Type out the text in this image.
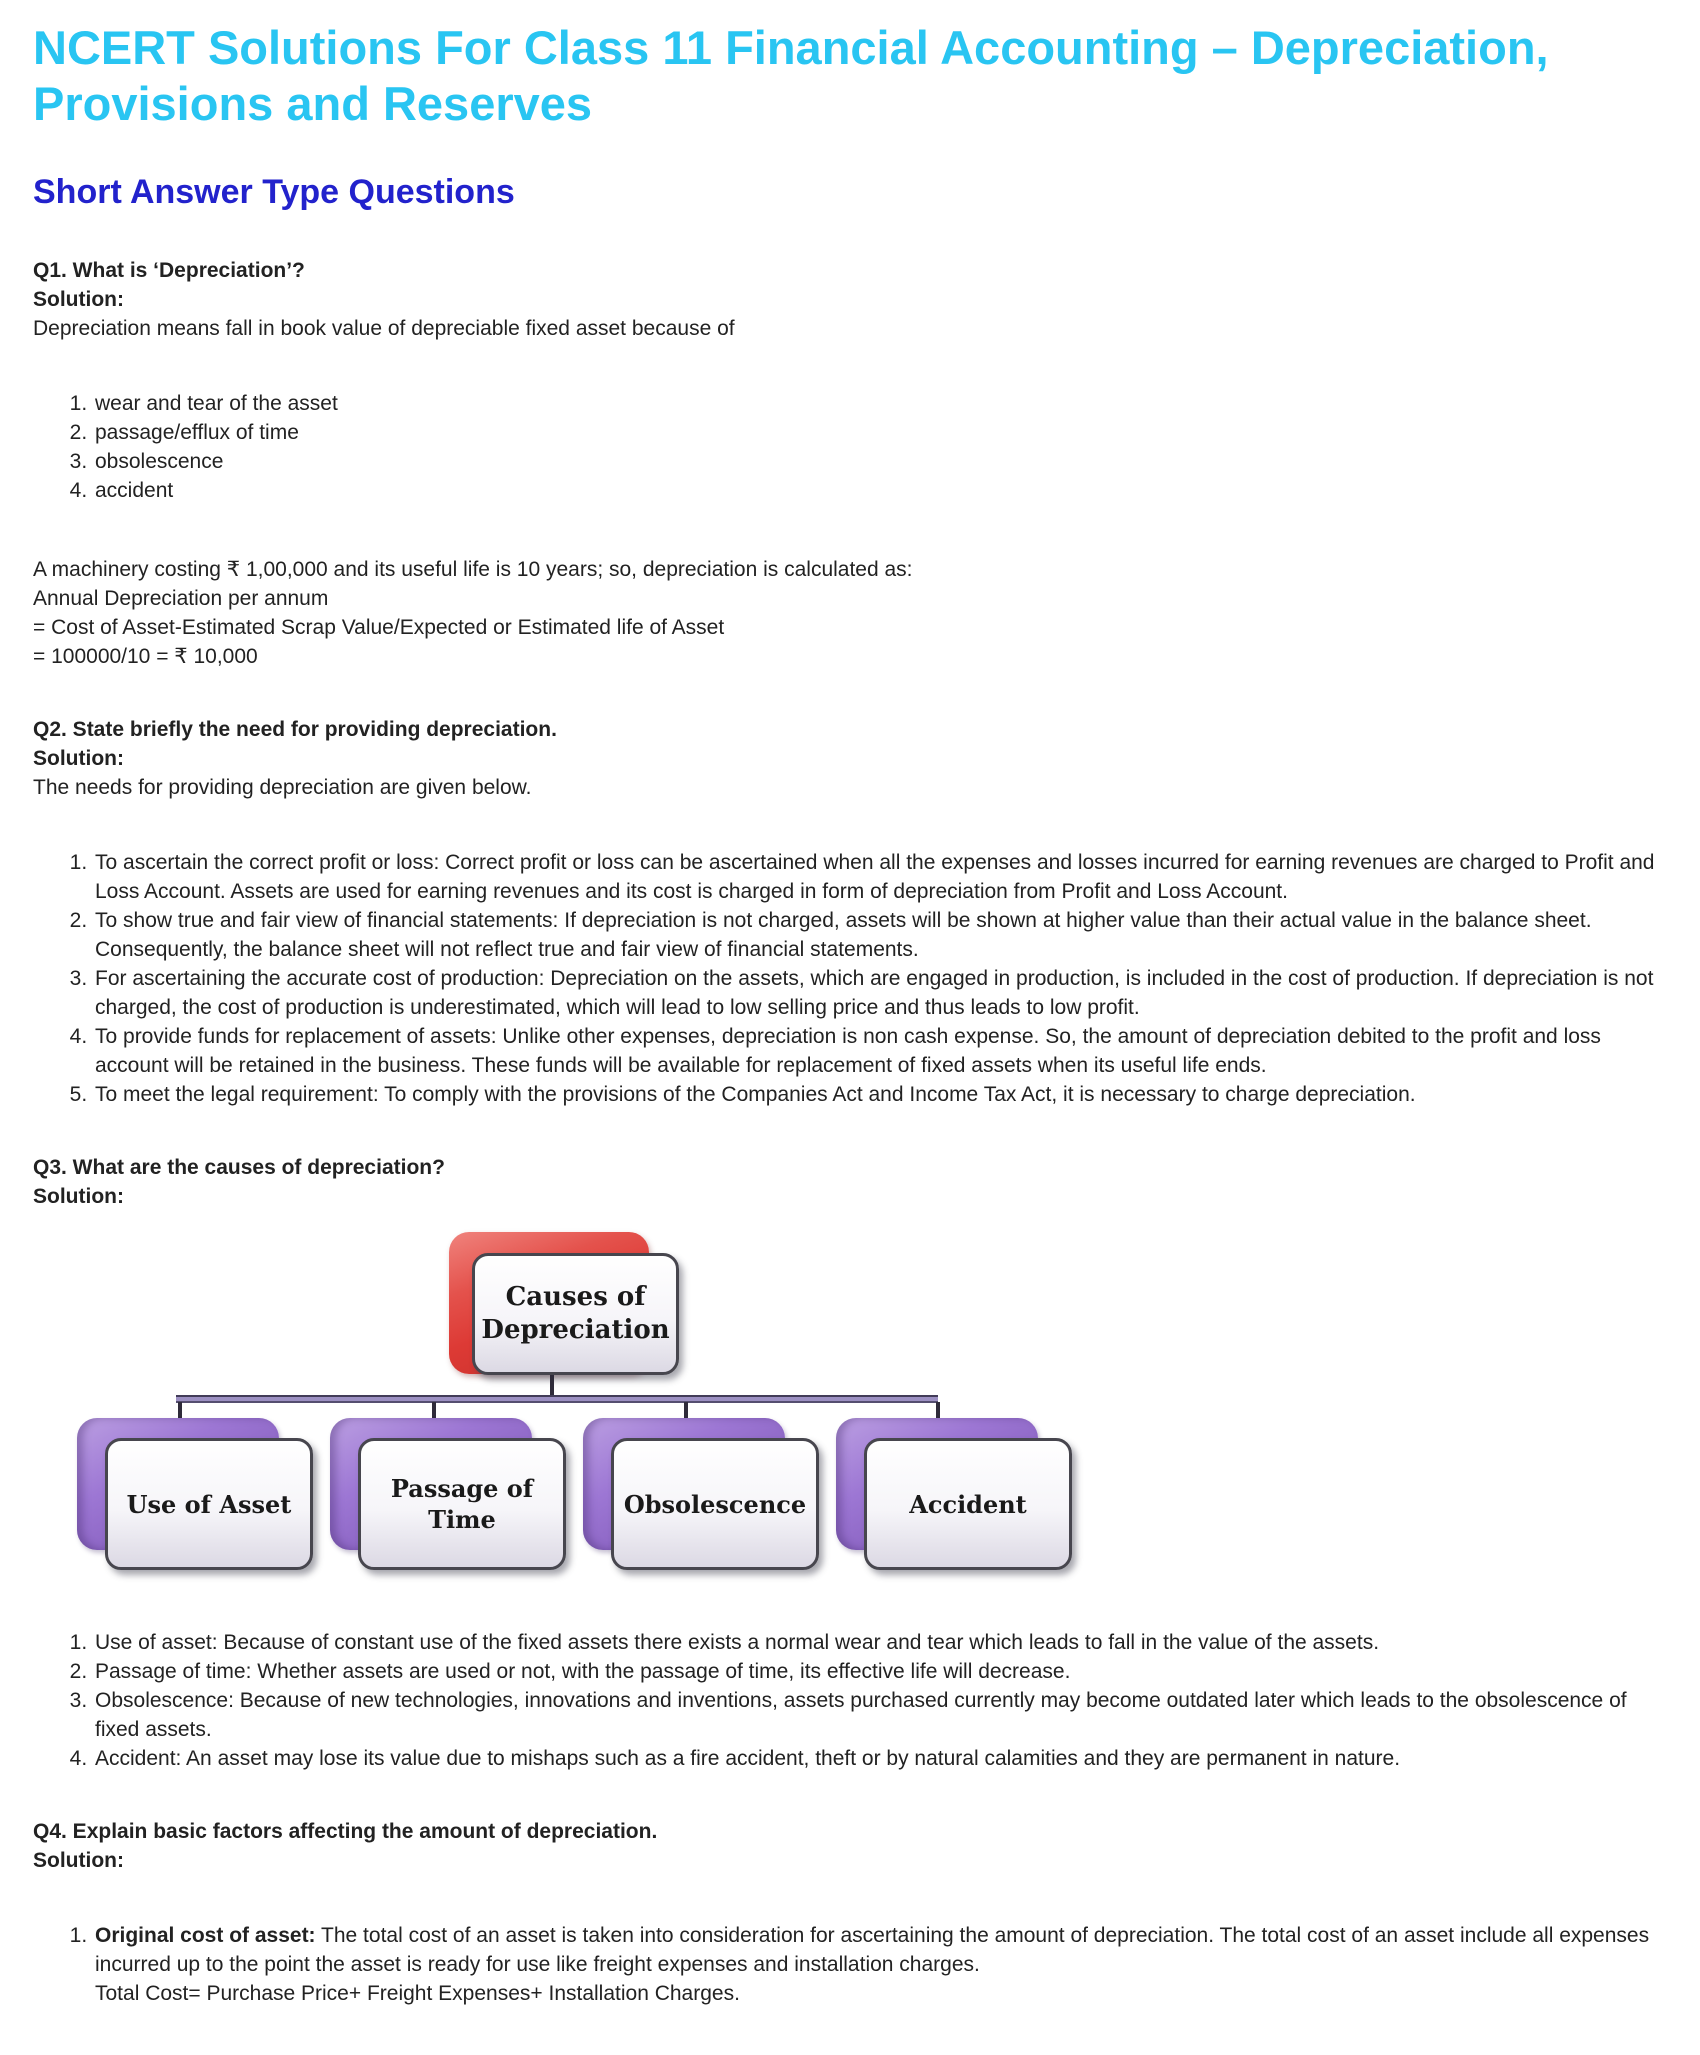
NCERT Solutions For Class 11 Financial Accounting – Depreciation, Provisions and Reserves
Short Answer Type Questions

Q1. What is ‘Depreciation’?

Solution:

Depreciation means fall in book value of depreciable fixed asset because of

1. wear and tear of the asset
2. passage/efflux of time
3. obsolescence
4. accident

A machinery costing ₹ 1,00,000 and its useful life is 10 years; so, depreciation is calculated as:

Annual Depreciation per annum

= Cost of Asset-Estimated Scrap Value/Expected or Estimated life of Asset

= 100000/10 = ₹ 10,000

Q2. State briefly the need for providing depreciation.

Solution:

The needs for providing depreciation are given below.

1. To ascertain the correct profit or loss: Correct profit or loss can be ascertained when all the expenses and losses incurred for earning revenues are charged to Profit and Loss Account. Assets are used for earning revenues and its cost is charged in form of depreciation from Profit and Loss Account.
2. To show true and fair view of financial statements: If depreciation is not charged, assets will be shown at higher value than their actual value in the balance sheet. Consequently, the balance sheet will not reflect true and fair view of financial statements.
3. For ascertaining the accurate cost of production: Depreciation on the assets, which are engaged in production, is included in the cost of production. If depreciation is not charged, the cost of production is underestimated, which will lead to low selling price and thus leads to low profit.
4. To provide funds for replacement of assets: Unlike other expenses, depreciation is non cash expense. So, the amount of depreciation debited to the profit and loss account will be retained in the business. These funds will be available for replacement of fixed assets when its useful life ends.
5. To meet the legal requirement: To comply with the provisions of the Companies Act and Income Tax Act, it is necessary to charge depreciation.

Q3. What are the causes of depreciation?

Solution:

Causes of Depreciation
Use of Asset
Passage of Time
Obsolescence	Accident
1. Use of asset: Because of constant use of the fixed assets there exists a normal wear and tear which leads to fall in the value of the assets.
2. Passage of time: Whether assets are used or not, with the passage of time, its effective life will decrease.
3. Obsolescence: Because of new technologies, innovations and inventions, assets purchased currently may become outdated later which leads to the obsolescence of fixed assets.
4. Accident: An asset may lose its value due to mishaps such as a fire accident, theft or by natural calamities and they are permanent in nature.

Q4. Explain basic factors affecting the amount of depreciation.

Solution:

1. Original cost of asset: The total cost of an asset is taken into consideration for ascertaining the amount of depreciation. The total cost of an asset include all expenses incurred up to the point the asset is ready for use like freight expenses and installation charges.
Total Cost= Purchase Price+ Freight Expenses+ Installation Charges.
